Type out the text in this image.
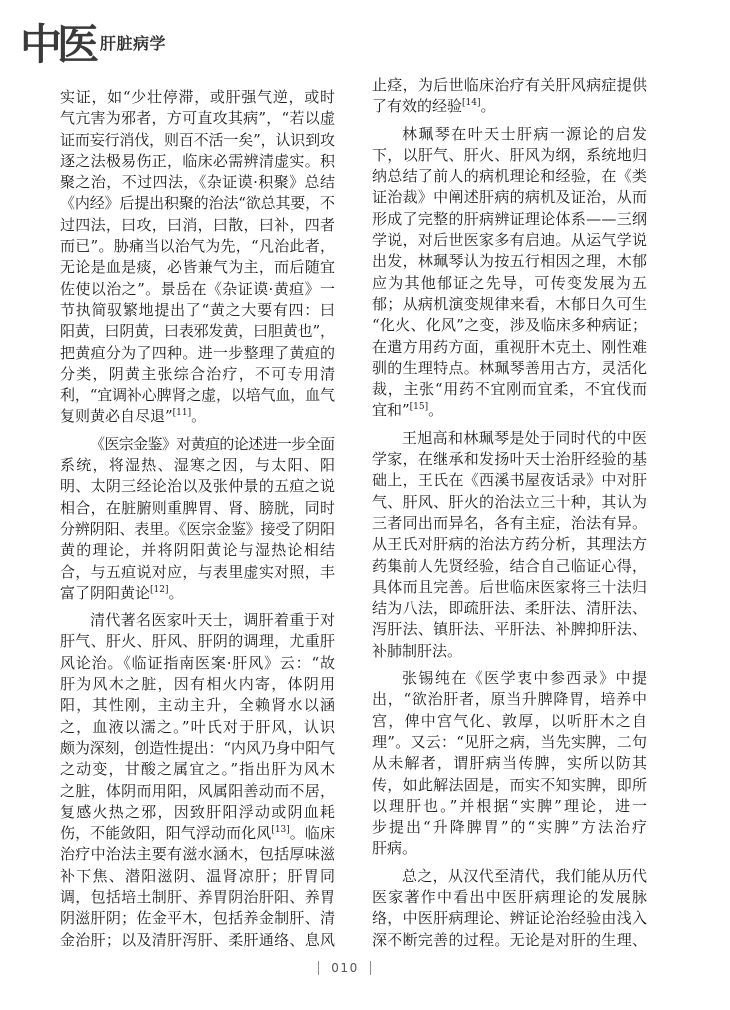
中医 肝脏病学
实证，如“少壮停滞，或肝强气逆，或时
气亢害为邪者，方可直攻其病”，“若以虚
证而妄行消伐，则百不活一矣”，认识到攻
逐之法极易伤正，临床必需辨清虚实。积
聚之治，不过四法，《杂证谟·积聚》总结
《内经》后提出积聚的治法“欲总其要，不
过四法，曰攻，曰消，曰散，曰补，四者
而已”。胁痛当以治气为先，“凡治此者，
无论是血是痰，必皆兼气为主，而后随宜
佐使以治之”。景岳在《杂证谟·黄疸》一
节执简驭繁地提出了“黄之大要有四：曰
阳黄，曰阴黄，曰表邪发黄，曰胆黄也”，
把黄疸分为了四种。进一步整理了黄疸的
分类，阴黄主张综合治疗，不可专用清
利，“宜调补心脾肾之虚，以培气血，血气
复则黄必自尽退”[11]。
《医宗金鉴》对黄疸的论述进一步全面
系统，将湿热、湿寒之因，与太阳、阳
明、太阴三经论治以及张仲景的五疸之说
相合，在脏腑则重脾胃、肾、膀胱，同时
分辨阴阳、表里。《医宗金鉴》接受了阴阳
黄的理论，并将阴阳黄论与湿热论相结
合，与五疸说对应，与表里虚实对照，丰
富了阴阳黄论[12]。
清代著名医家叶天士，调肝着重于对
肝气、肝火、肝风、肝阴的调理，尤重肝
风论治。《临证指南医案·肝风》云：“故
肝为风木之脏，因有相火内寄，体阴用
阳，其性刚，主动主升，全赖肾水以涵
之，血液以濡之。”叶氏对于肝风，认识
颇为深刻，创造性提出：“内风乃身中阳气
之动变，甘酸之属宜之。”指出肝为风木
之脏，体阴而用阳，风属阳善动而不居，
复感火热之邪，因致肝阳浮动或阴血耗
伤，不能敛阳，阳气浮动而化风[13]。临床
治疗中治法主要有滋水涵木，包括厚味滋
补下焦、潜阳滋阴、温肾凉肝；肝胃同
调，包括培土制肝、养胃阴治肝阳、养胃
阴滋肝阴；佐金平木，包括养金制肝、清
金治肝；以及清肝泻肝、柔肝通络、息风
止痉，为后世临床治疗有关肝风病症提供
了有效的经验[14]。
林珮琴在叶天士肝病一源论的启发
下，以肝气、肝火、肝风为纲，系统地归
纳总结了前人的病机理论和经验，在《类
证治裁》中阐述肝病的病机及证治，从而
形成了完整的肝病辨证理论体系——三纲
学说，对后世医家多有启迪。从运气学说
出发，林珮琴认为按五行相因之理，木郁
应为其他郁证之先导，可传变发展为五
郁；从病机演变规律来看，木郁日久可生
“化火、化风”之变，涉及临床多种病证；
在遣方用药方面，重视肝木克土、刚性难
驯的生理特点。林珮琴善用古方，灵活化
裁，主张“用药不宜刚而宜柔，不宜伐而
宜和”[15]。
王旭高和林珮琴是处于同时代的中医
学家，在继承和发扬叶天士治肝经验的基
础上，王氏在《西溪书屋夜话录》中对肝
气、肝风、肝火的治法立三十种，其认为
三者同出而异名，各有主症，治法有异。
从王氏对肝病的治法方药分析，其理法方
药集前人先贤经验，结合自己临证心得，
具体而且完善。后世临床医家将三十法归
结为八法，即疏肝法、柔肝法、清肝法、
泻肝法、镇肝法、平肝法、补脾抑肝法、
补肺制肝法。
张锡纯在《医学衷中参西录》中提
出，“欲治肝者，原当升脾降胃，培养中
宫，俾中宫气化、敦厚，以听肝木之自
理”。又云：“见肝之病，当先实脾，二句
从未解者，谓肝病当传脾，实所以防其
传，如此解法固是，而实不知实脾，即所
以理肝也。”并根据“实脾”理论，进一
步提出“升降脾胃”的“实脾”方法治疗
肝病。
总之，从汉代至清代，我们能从历代
医家著作中看出中医肝病理论的发展脉
络，中医肝病理论、辨证论治经验由浅入
深不断完善的过程。无论是对肝的生理、
010
